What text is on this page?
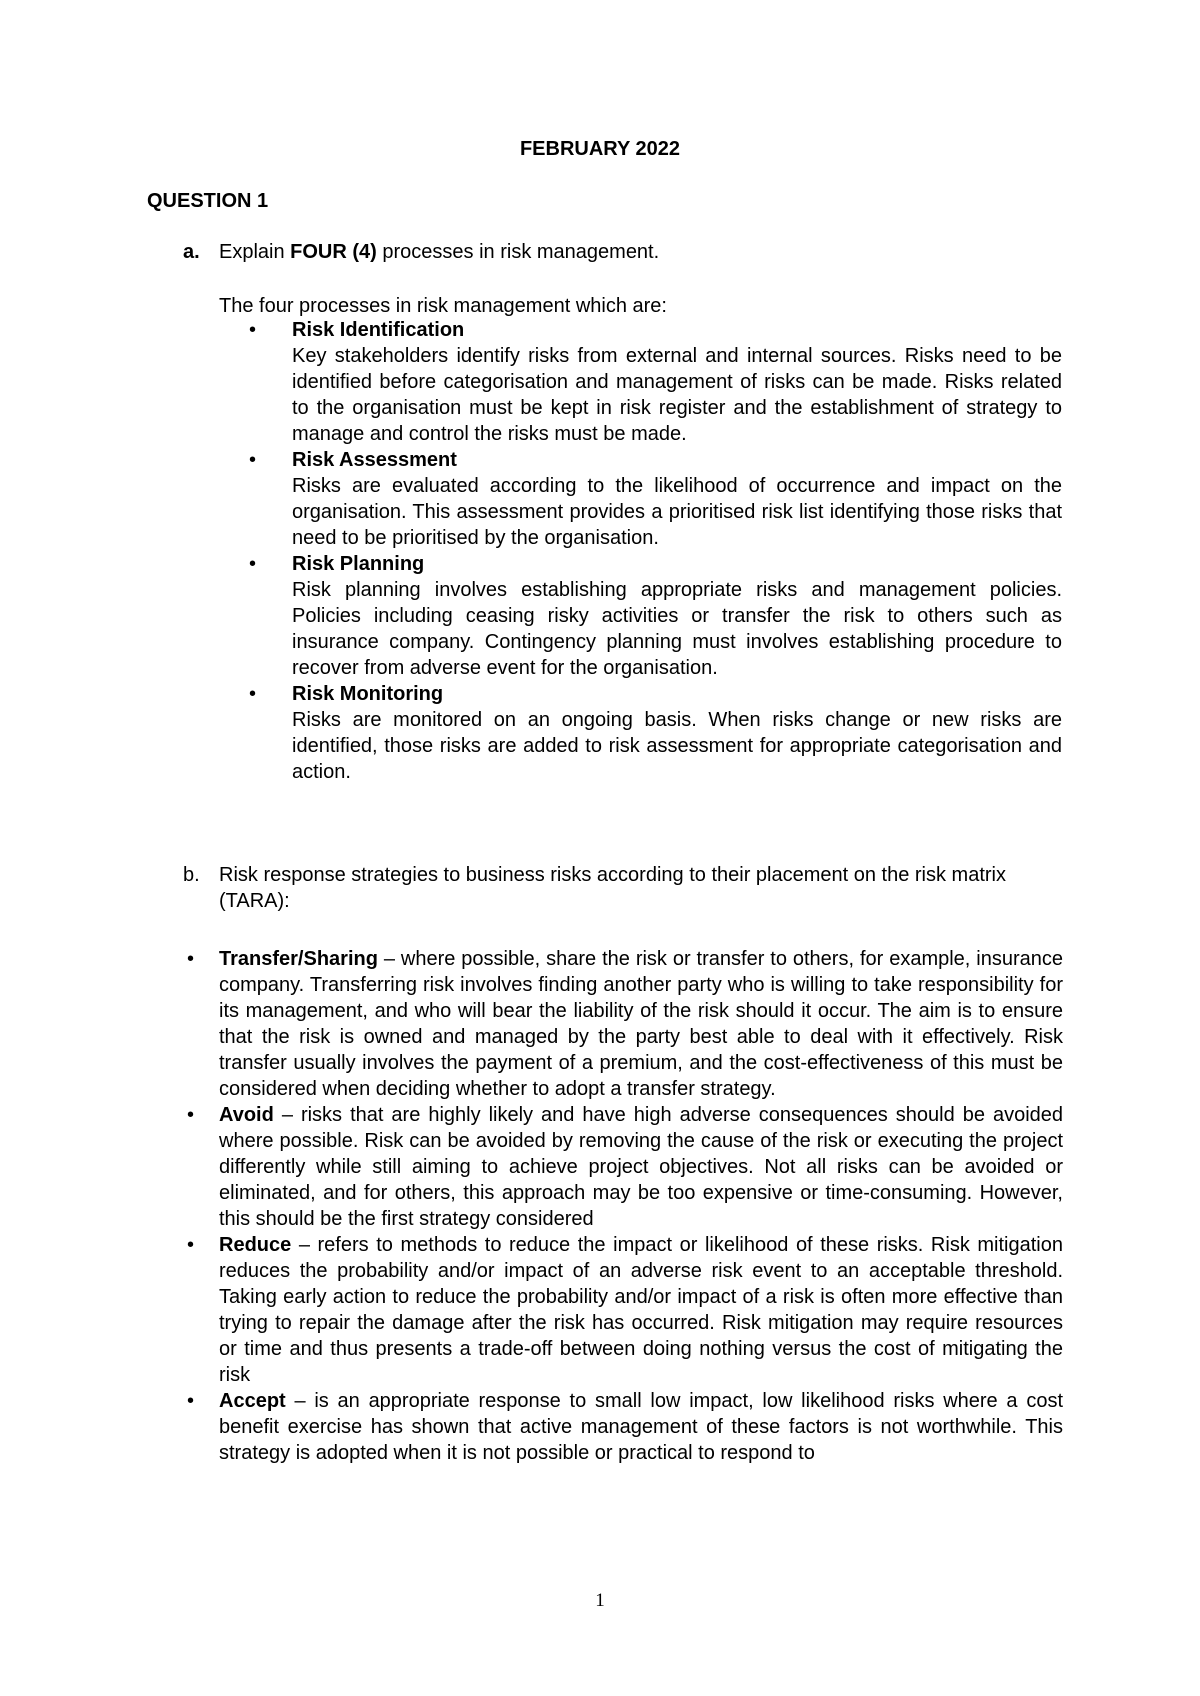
FEBRUARY 2022
QUESTION 1
a. Explain FOUR (4) processes in risk management.
The four processes in risk management which are:
• Risk Identification
Key stakeholders identify risks from external and internal sources. Risks need to be identified before categorisation and management of risks can be made. Risks related to the organisation must be kept in risk register and the establishment of strategy to manage and control the risks must be made.
• Risk Assessment
Risks are evaluated according to the likelihood of occurrence and impact on the organisation. This assessment provides a prioritised risk list identifying those risks that need to be prioritised by the organisation.
• Risk Planning
Risk planning involves establishing appropriate risks and management policies. Policies including ceasing risky activities or transfer the risk to others such as insurance company. Contingency planning must involves establishing procedure to recover from adverse event for the organisation.
• Risk Monitoring
Risks are monitored on an ongoing basis. When risks change or new risks are identified, those risks are added to risk assessment for appropriate categorisation and action.
b. Risk response strategies to business risks according to their placement on the risk matrix (TARA):
• Transfer/Sharing – where possible, share the risk or transfer to others, for example, insurance company. Transferring risk involves finding another party who is willing to take responsibility for its management, and who will bear the liability of the risk should it occur. The aim is to ensure that the risk is owned and managed by the party best able to deal with it effectively. Risk transfer usually involves the payment of a premium, and the cost-effectiveness of this must be considered when deciding whether to adopt a transfer strategy.
• Avoid – risks that are highly likely and have high adverse consequences should be avoided where possible. Risk can be avoided by removing the cause of the risk or executing the project differently while still aiming to achieve project objectives. Not all risks can be avoided or eliminated, and for others, this approach may be too expensive or time-consuming. However, this should be the first strategy considered
• Reduce – refers to methods to reduce the impact or likelihood of these risks. Risk mitigation reduces the probability and/or impact of an adverse risk event to an acceptable threshold. Taking early action to reduce the probability and/or impact of a risk is often more effective than trying to repair the damage after the risk has occurred. Risk mitigation may require resources or time and thus presents a trade-off between doing nothing versus the cost of mitigating the risk
• Accept – is an appropriate response to small low impact, low likelihood risks where a cost benefit exercise has shown that active management of these factors is not worthwhile. This strategy is adopted when it is not possible or practical to respond to
1
